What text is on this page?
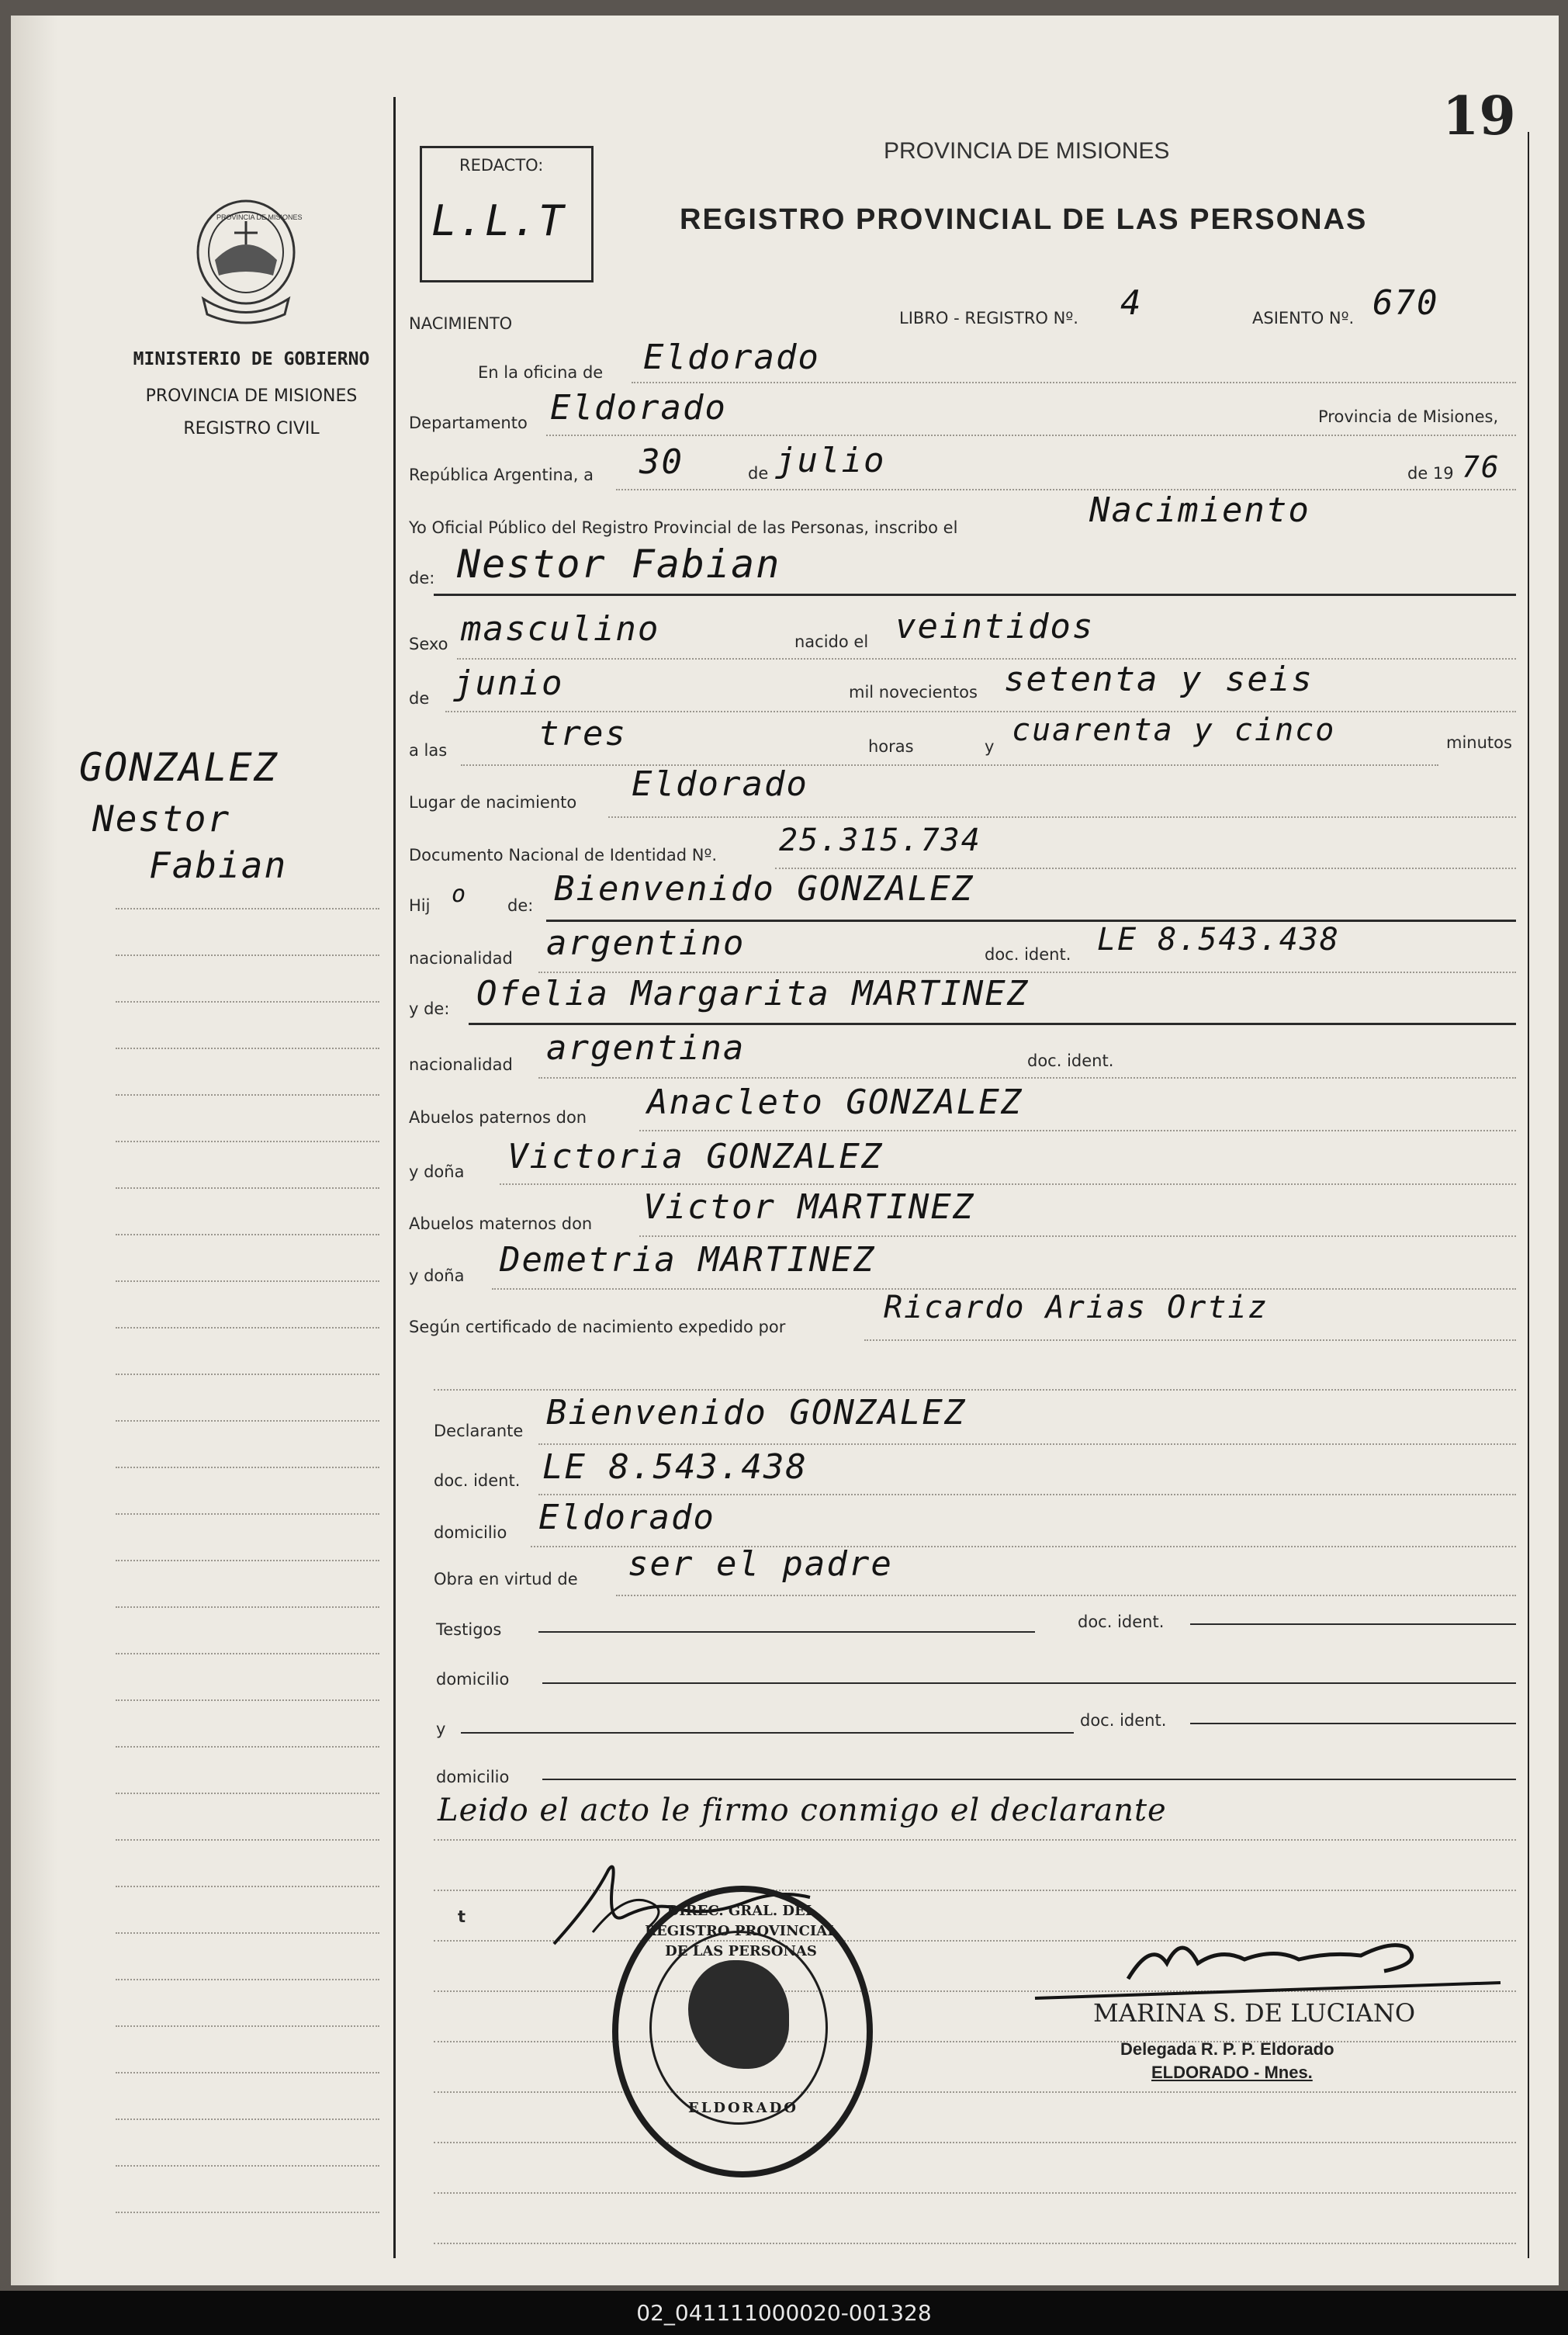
19
REDACTO:
L.L.T
PROVINCIA DE MISIONES
REGISTRO PROVINCIAL DE LAS PERSONAS
PROVINCIA DE MISIONES
MINISTERIO DE GOBIERNO
PROVINCIA DE MISIONES
REGISTRO CIVIL
GONZALEZ
Nestor
Fabian
NACIMIENTO	LIBRO - REGISTRO Nº. 4	ASIENTO Nº. 670
En la oficina de Eldorado
Departamento Eldorado	Provincia de Misiones,
República Argentina, a 30	de julio	de 19 76
Yo Oficial Público del Registro Provincial de las Personas, inscribo el	Nacimiento
de: Nestor Fabian
Sexo masculino	nacido el veintidos
de junio	mil novecientos setenta y seis
a las	tres	horas	y cuarenta y cinco	minutos
Lugar de nacimiento Eldorado
Documento Nacional de Identidad Nº. 25.315.734
Hij o de: Bienvenido GONZALEZ
nacionalidad argentino	doc. ident. LE 8.543.438
y de: Ofelia Margarita MARTINEZ
nacionalidad argentina	doc. ident.
Abuelos paternos don Anacleto GONZALEZ
y doña Victoria GONZALEZ
Abuelos maternos don Victor MARTINEZ
y doña Demetria MARTINEZ
Según certificado de nacimiento expedido por
Ricardo Arias Ortiz
Declarante Bienvenido GONZALEZ
doc. ident. LE 8.543.438
domicilio Eldorado
Obra en virtud de ser el padre
Testigos	doc. ident.
domicilio
y	doc. ident.
domicilio
Leido el acto le firmo conmigo el declarante
t	DIREC. GRAL. DEL REGISTRO PROVINCIAL DE LAS PERSONAS
ELDORADO
MARINA S. DE LUCIANO
Delegada R. P. P. Eldorado
ELDORADO - Mnes.
02_041111000020-001328
